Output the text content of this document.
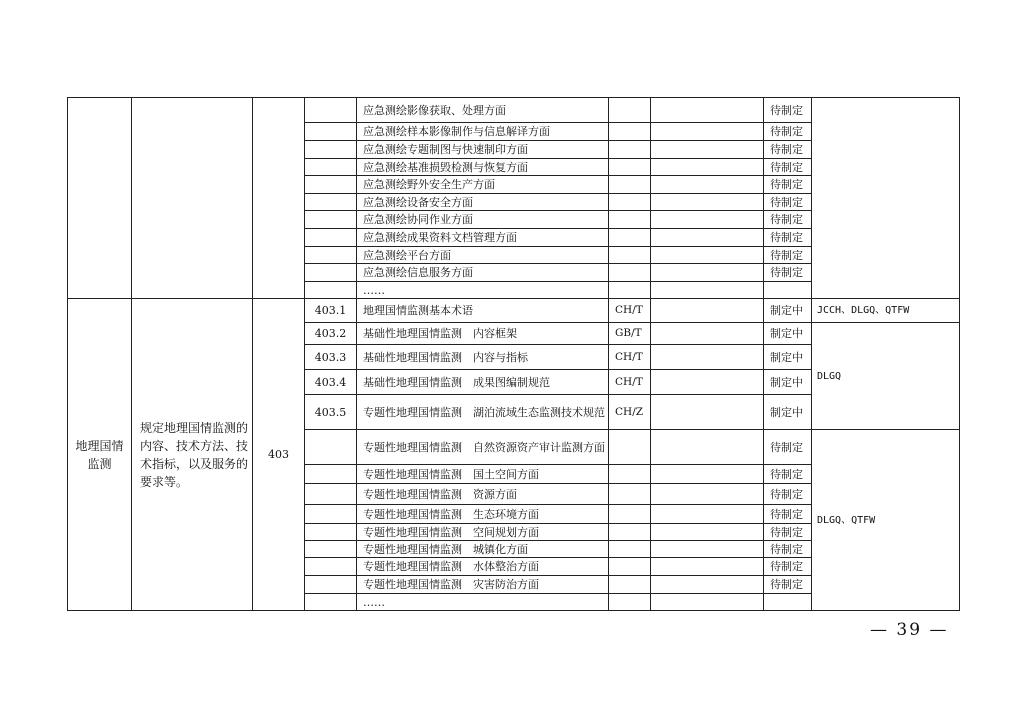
				应急测绘影像获取、处理方面			待制定	
				应急测绘样本影像制作与信息解译方面			待制定	
				应急测绘专题制图与快速制印方面			待制定	
				应急测绘基准损毁检测与恢复方面			待制定	
				应急测绘野外安全生产方面			待制定	
				应急测绘设备安全方面			待制定	
				应急测绘协同作业方面			待制定	
				应急测绘成果资料文档管理方面			待制定	
				应急测绘平台方面			待制定	
				应急测绘信息服务方面			待制定	
				……				
地理国情监测	规定地理国情监测的内容、技术方法、技术指标，以及服务的要求等。	403	403.1	地理国情监测基本术语	CH/T		制定中	JCCH、DLGQ、QTFW
			403.2	基础性地理国情监测　内容框架	GB/T		制定中	DLGQ
			403.3	基础性地理国情监测　内容与指标	CH/T		制定中	
			403.4	基础性地理国情监测　成果图编制规范	CH/T		制定中	
			403.5	专题性地理国情监测　湖泊流域生态监测技术规范	CH/Z		制定中	
				专题性地理国情监测　自然资源资产审计监测方面			待制定	DLGQ、QTFW
				专题性地理国情监测　国土空间方面			待制定	
				专题性地理国情监测　资源方面			待制定	
				专题性地理国情监测　生态环境方面			待制定	
				专题性地理国情监测　空间规划方面			待制定	
				专题性地理国情监测　城镇化方面			待制定	
				专题性地理国情监测　水体整治方面			待制定	
				专题性地理国情监测　灾害防治方面			待制定	
				……				
— 39 —
